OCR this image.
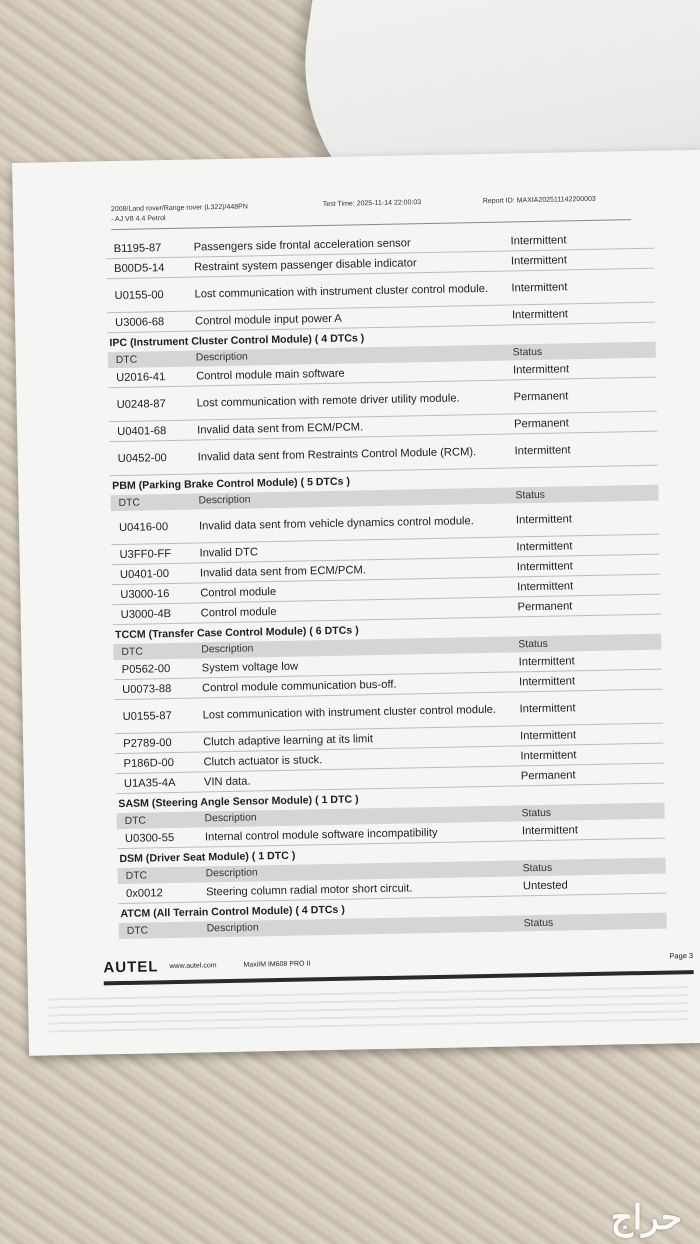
2008/Land rover/Range rover (L322)/448PN
- AJ V8 4.4 Petrol
Test Time: 2025-11-14 22:00:03	Report ID: MAXIA202511142200003
B1195-87	Passengers side frontal acceleration sensor	Intermittent
B00D5-14	Restraint system passenger disable indicator	Intermittent
U0155-00	Lost communication with instrument cluster control module.	Intermittent
U3006-68	Control module input power A	Intermittent
IPC (Instrument Cluster Control Module) ( 4 DTCs )
DTC	Description	Status
U2016-41	Control module main software	Intermittent
U0248-87	Lost communication with remote driver utility module.	Permanent
U0401-68	Invalid data sent from ECM/PCM.	Permanent
U0452-00	Invalid data sent from Restraints Control Module (RCM).	Intermittent
PBM (Parking Brake Control Module) ( 5 DTCs )
DTC	Description	Status
U0416-00	Invalid data sent from vehicle dynamics control module.	Intermittent
U3FF0-FF	Invalid DTC	Intermittent
U0401-00	Invalid data sent from ECM/PCM.	Intermittent
U3000-16	Control module	Intermittent
U3000-4B	Control module	Permanent
TCCM (Transfer Case Control Module) ( 6 DTCs )
DTC	Description	Status
P0562-00	System voltage low	Intermittent
U0073-88	Control module communication bus-off.	Intermittent
U0155-87	Lost communication with instrument cluster control module.	Intermittent
P2789-00	Clutch adaptive learning at its limit	Intermittent
P186D-00	Clutch actuator is stuck.	Intermittent
U1A35-4A	VIN data.	Permanent
SASM (Steering Angle Sensor Module) ( 1 DTC )
DTC	Description	Status
U0300-55	Internal control module software incompatibility	Intermittent
DSM (Driver Seat Module) ( 1 DTC )
DTC	Description	Status
0x0012	Steering column radial motor short circuit.	Untested
ATCM (All Terrain Control Module) ( 4 DTCs )
DTC	Description	Status
AUTEL www.autel.com	MaxiIM IM608 PRO II
Page 3
حراج
